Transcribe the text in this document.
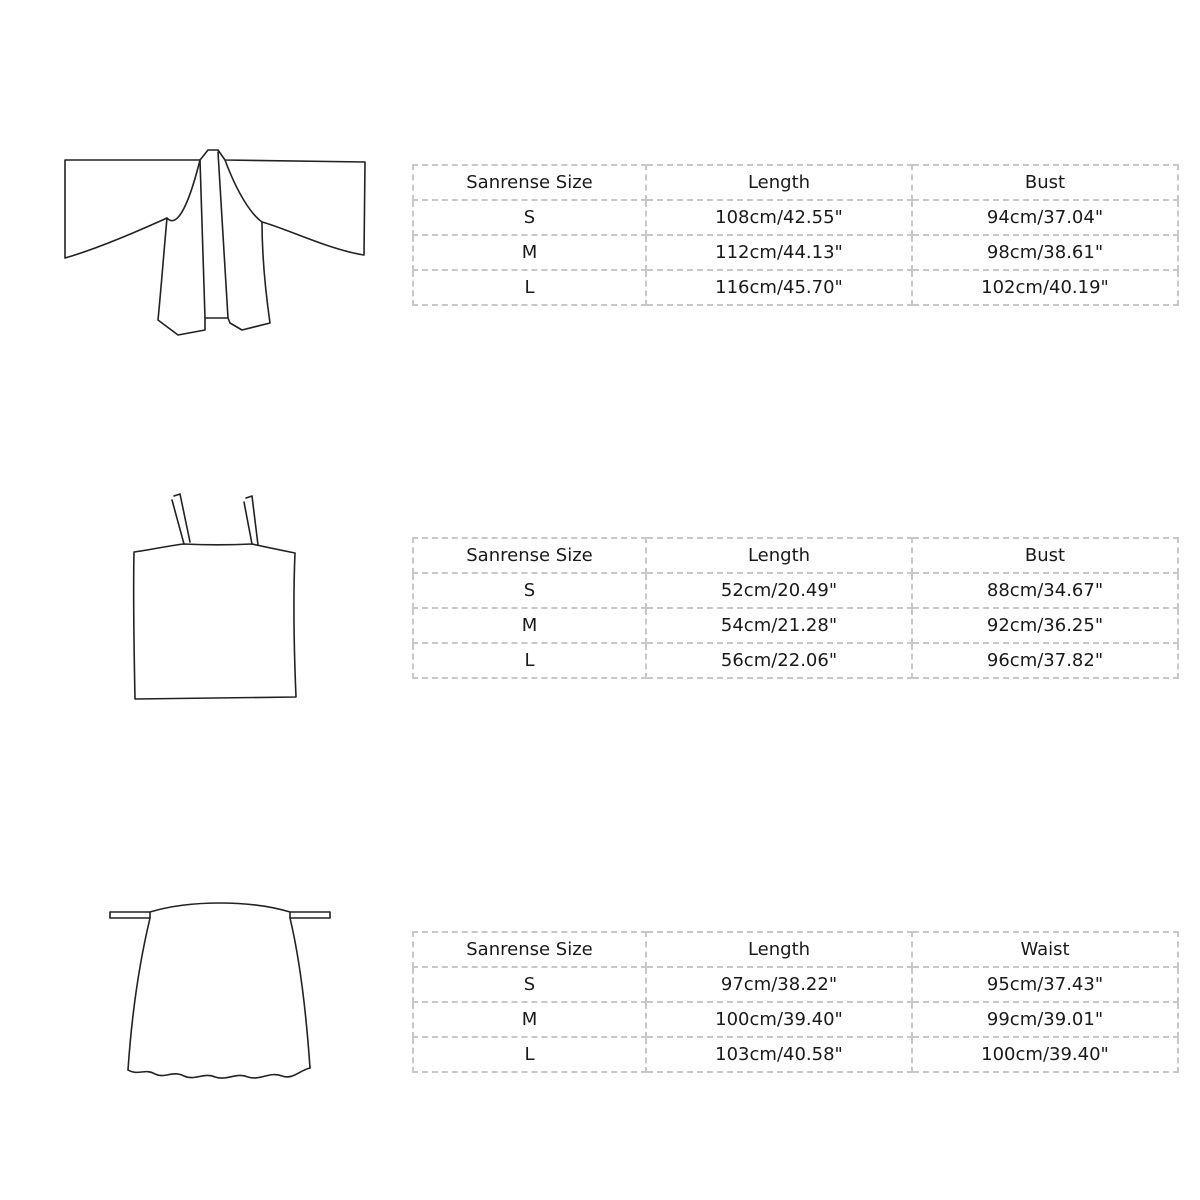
Sanrense Size	Length	Bust
S	108cm/42.55"	94cm/37.04"
M	112cm/44.13"	98cm/38.61"
L	116cm/45.70"	102cm/40.19"
Sanrense Size	Length	Bust
S	52cm/20.49"	88cm/34.67"
M	54cm/21.28"	92cm/36.25"
L	56cm/22.06"	96cm/37.82"
Sanrense Size	Length	Waist
S	97cm/38.22"	95cm/37.43"
M	100cm/39.40"	99cm/39.01"
L	103cm/40.58"	100cm/39.40"
